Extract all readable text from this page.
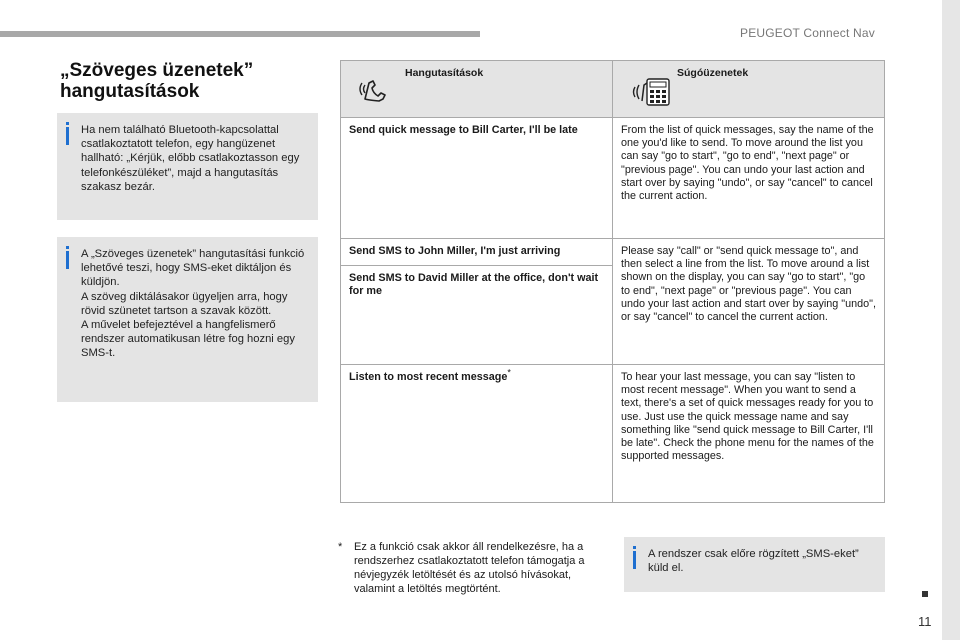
PEUGEOT Connect Nav
11
„Szöveges üzenetek”
hangutasítások

Ha nem található Bluetooth-kapcsolattal csatlakoztatott telefon, egy hangüzenet hallható: „Kérjük, előbb csatlakoztasson egy telefonkészüléket”, majd a hangutasítás szakasz bezár.

A „Szöveges üzenetek” hangutasítási funkció lehetővé teszi, hogy SMS-eket diktáljon és küldjön.

A szöveg diktálásakor ügyeljen arra, hogy rövid szünetet tartson a szavak között.

A művelet befejeztével a hangfelismerő rendszer automatikusan létre fog hozni egy SMS-t.

Hangutasítások	Súgóüzenetek

Send quick message to Bill Carter, I'll be late	From the list of quick messages, say the name of the one you'd like to send. To move around the list you can say "go to start", "go to end", "next page" or "previous page". You can undo your last action and start over by saying "undo", or say "cancel" to cancel the current action.
Send SMS to John Miller, I'm just arriving	Please say "call" or "send quick message to", and then select a line from the list. To move around a list shown on the display, you can say "go to start", "go to end", "next page" or "previous page". You can undo your last action and start over by saying "undo", or say "cancel" to cancel the current action.
Send SMS to David Miller at the office, don't wait for me	
Listen to most recent message*	To hear your last message, you can say "listen to most recent message". When you want to send a text, there's a set of quick messages ready for you to use. Just use the quick message name and say something like "send quick message to Bill Carter, I'll be late". Check the phone menu for the names of the supported messages.
* Ez a funkció csak akkor áll rendelkezésre, ha a rendszerhez csatlakoztatott telefon támogatja a névjegyzék letöltését és az utolsó hívásokat, valamint a letöltés megtörtént.

A rendszer csak előre rögzített „SMS-eket” küld el.
